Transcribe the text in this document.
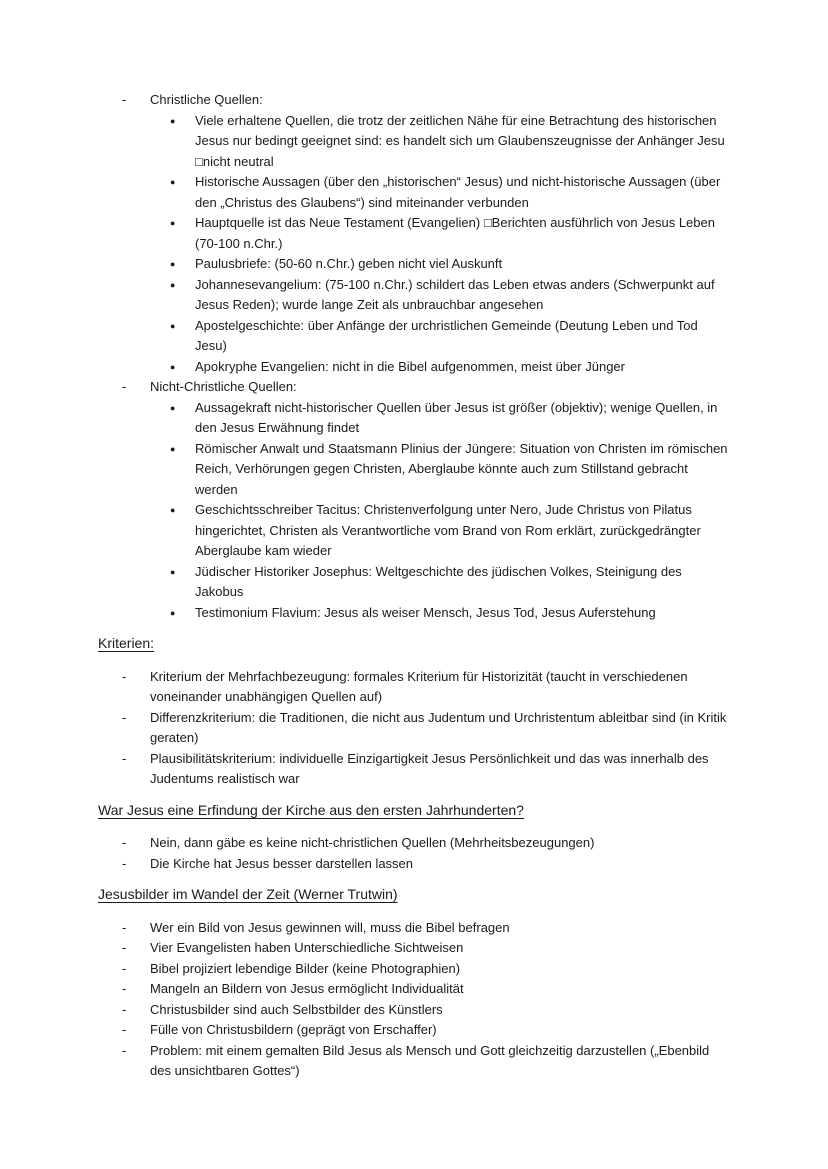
-	Christliche Quellen:
●	Viele erhaltene Quellen, die trotz der zeitlichen Nähe für eine Betrachtung des historischen Jesus nur bedingt geeignet sind: es handelt sich um Glaubenszeugnisse der Anhänger Jesu □nicht neutral
●	Historische Aussagen (über den „historischen“ Jesus) und nicht-historische Aussagen (über den „Christus des Glaubens“) sind miteinander verbunden
●	Hauptquelle ist das Neue Testament (Evangelien) □Berichten ausführlich von Jesus Leben (70-100 n.Chr.)
●	Paulusbriefe: (50-60 n.Chr.) geben nicht viel Auskunft
●	Johannesevangelium: (75-100 n.Chr.) schildert das Leben etwas anders (Schwerpunkt auf Jesus Reden); wurde lange Zeit als unbrauchbar angesehen
●	Apostelgeschichte: über Anfänge der urchristlichen Gemeinde (Deutung Leben und Tod Jesu)
●	Apokryphe Evangelien: nicht in die Bibel aufgenommen, meist über Jünger
-	Nicht-Christliche Quellen:
●	Aussagekraft nicht-historischer Quellen über Jesus ist größer (objektiv); wenige Quellen, in den Jesus Erwähnung findet
●	Römischer Anwalt und Staatsmann Plinius der Jüngere: Situation von Christen im römischen Reich, Verhörungen gegen Christen, Aberglaube könnte auch zum Stillstand gebracht werden
●	Geschichtsschreiber Tacitus: Christenverfolgung unter Nero, Jude Christus von Pilatus hingerichtet, Christen als Verantwortliche vom Brand von Rom erklärt, zurückgedrängter Aberglaube kam wieder
●	Jüdischer Historiker Josephus: Weltgeschichte des jüdischen Volkes, Steinigung des Jakobus
●	Testimonium Flavium: Jesus als weiser Mensch, Jesus Tod, Jesus Auferstehung
Kriterien:
-	Kriterium der Mehrfachbezeugung: formales Kriterium für Historizität (taucht in verschiedenen voneinander unabhängigen Quellen auf)
-	Differenzkriterium: die Traditionen, die nicht aus Judentum und Urchristentum ableitbar sind (in Kritik geraten)
-	Plausibilitätskriterium: individuelle Einzigartigkeit Jesus Persönlichkeit und das was innerhalb des Judentums realistisch war
War Jesus eine Erfindung der Kirche aus den ersten Jahrhunderten?
-	Nein, dann gäbe es keine nicht-christlichen Quellen (Mehrheitsbezeugungen)
-	Die Kirche hat Jesus besser darstellen lassen
Jesusbilder im Wandel der Zeit (Werner Trutwin)
-	Wer ein Bild von Jesus gewinnen will, muss die Bibel befragen
-	Vier Evangelisten haben Unterschiedliche Sichtweisen
-	Bibel projiziert lebendige Bilder (keine Photographien)
-	Mangeln an Bildern von Jesus ermöglicht Individualität
-	Christusbilder sind auch Selbstbilder des Künstlers
-	Fülle von Christusbildern (geprägt von Erschaffer)
-	Problem: mit einem gemalten Bild Jesus als Mensch und Gott gleichzeitig darzustellen („Ebenbild des unsichtbaren Gottes“)
